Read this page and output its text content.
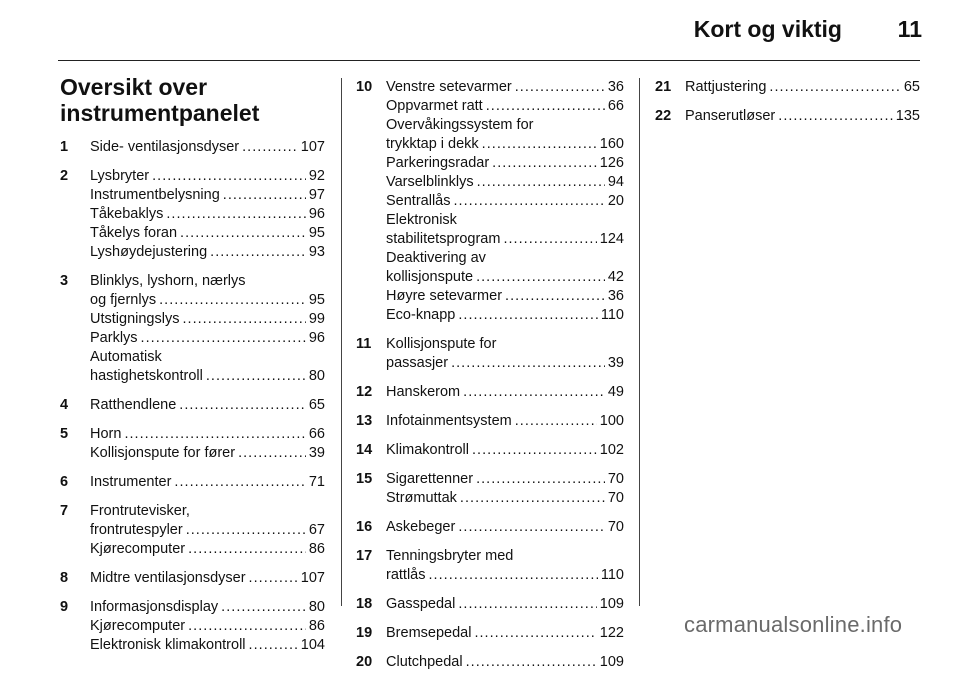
Kort og viktig 11
Oversikt over
instrumentpanelet
1	Side- ventilasjonsdyser . . .	107
2	Lysbryter . . .	92
Instrumentbelysning . . .	97
Tåkebaklys . . .	96
Tåkelys foran . . .	95
Lyshøydejustering . . .	93
3	Blinklys, lyshorn, nærlys
og fjernlys . . .	95
Utstigningslys . . .	99
Parklys . . .	96
Automatisk
hastighetskontroll . . .	80
4	Ratthendlene . . .	65
5	Horn . . .	66
Kollisjonspute for fører . . .	39
6	Instrumenter . . .	71
7	Frontrutevisker,
frontrutespyler . . .	67
Kjørecomputer . . .	86
8	Midtre ventilasjonsdyser . . .	107
9	Informasjonsdisplay . . .	80
Kjørecomputer . . .	86
Elektronisk klimakontroll . . .	104
10 Venstre setevarmer . . .	36
Oppvarmet ratt . . .	66
Overvåkingssystem for
trykktap i dekk . . .	160
Parkeringsradar . . .	126
Varselblinklys . . .	94
Sentrallås . . .	20
Elektronisk
stabilitetsprogram . . .	124
Deaktivering av
kollisjonspute . . .	42
Høyre setevarmer . . .	36
Eco-knapp . . .	110
11	Kollisjonspute for
passasjer . . .	39
12 Hanskerom . . .	49
13 Infotainmentsystem . . .	100
14 Klimakontroll . . .	102
15 Sigarettenner . . .	70
Strømuttak . . .	70
16 Askebeger . . .	70
17 Tenningsbryter med
rattlås . . .	110
18 Gasspedal . . .	109
19 Bremsepedal . . .	122
20 Clutchpedal . . .	109
21 Rattjustering . . .	65
22 Panserutløser . . .	135
carmanualsonline.info
